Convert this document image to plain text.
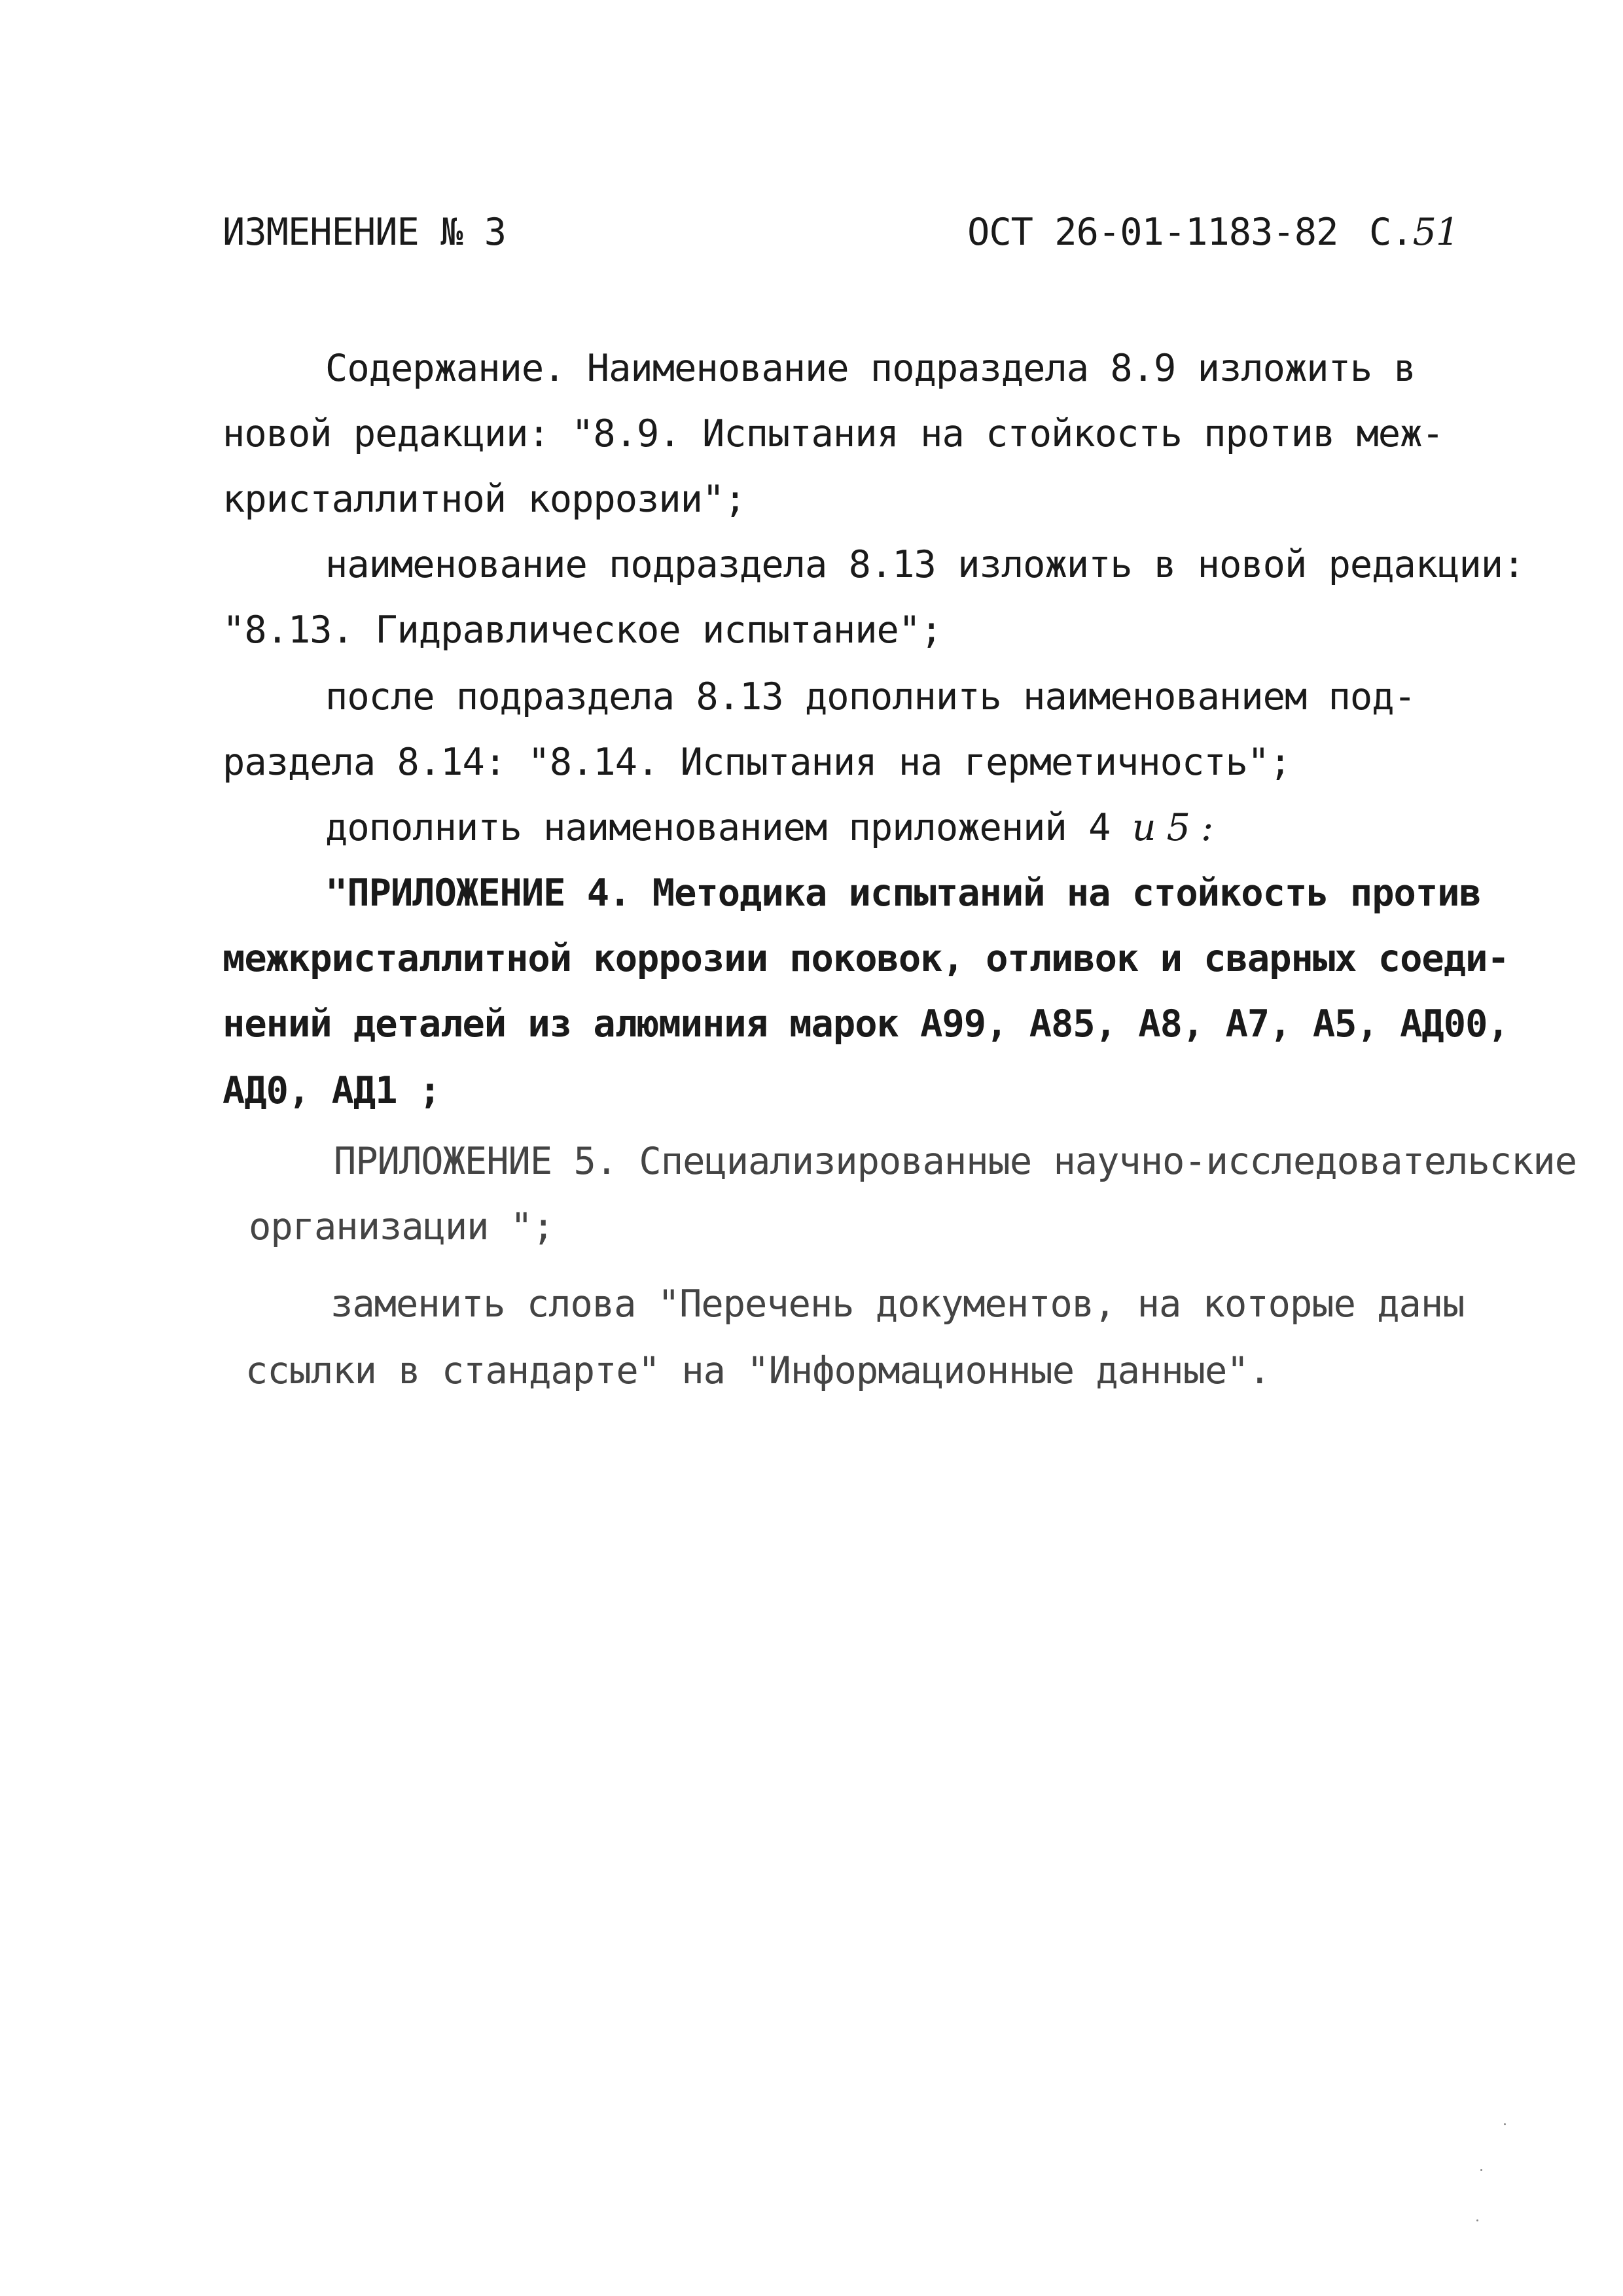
ИЗМЕНЕНИЕ № 3	ОСТ 26-01-1183-82 С.51
Содержание. Наименование подраздела 8.9 изложить в
новой редакции: "8.9. Испытания на стойкость против меж-
кристаллитной коррозии";
наименование подраздела 8.13 изложить в новой редакции:
"8.13. Гидравлическое испытание";
после подраздела 8.13 дополнить наименованием под-
раздела 8.14: "8.14. Испытания на герметичность";
дополнить наименованием приложений 4 и 5 :
"ПРИЛОЖЕНИЕ 4. Методика испытаний на стойкость против
межкристаллитной коррозии поковок, отливок и сварных соеди-
нений деталей из алюминия марок А99, А85, А8, А7, А5, АД00,
АД0, АД1 ;
ПРИЛОЖЕНИЕ 5. Специализированные научно-исследовательские
организации ";
заменить слова "Перечень документов, на которые даны
ссылки в стандарте" на "Информационные данные".
